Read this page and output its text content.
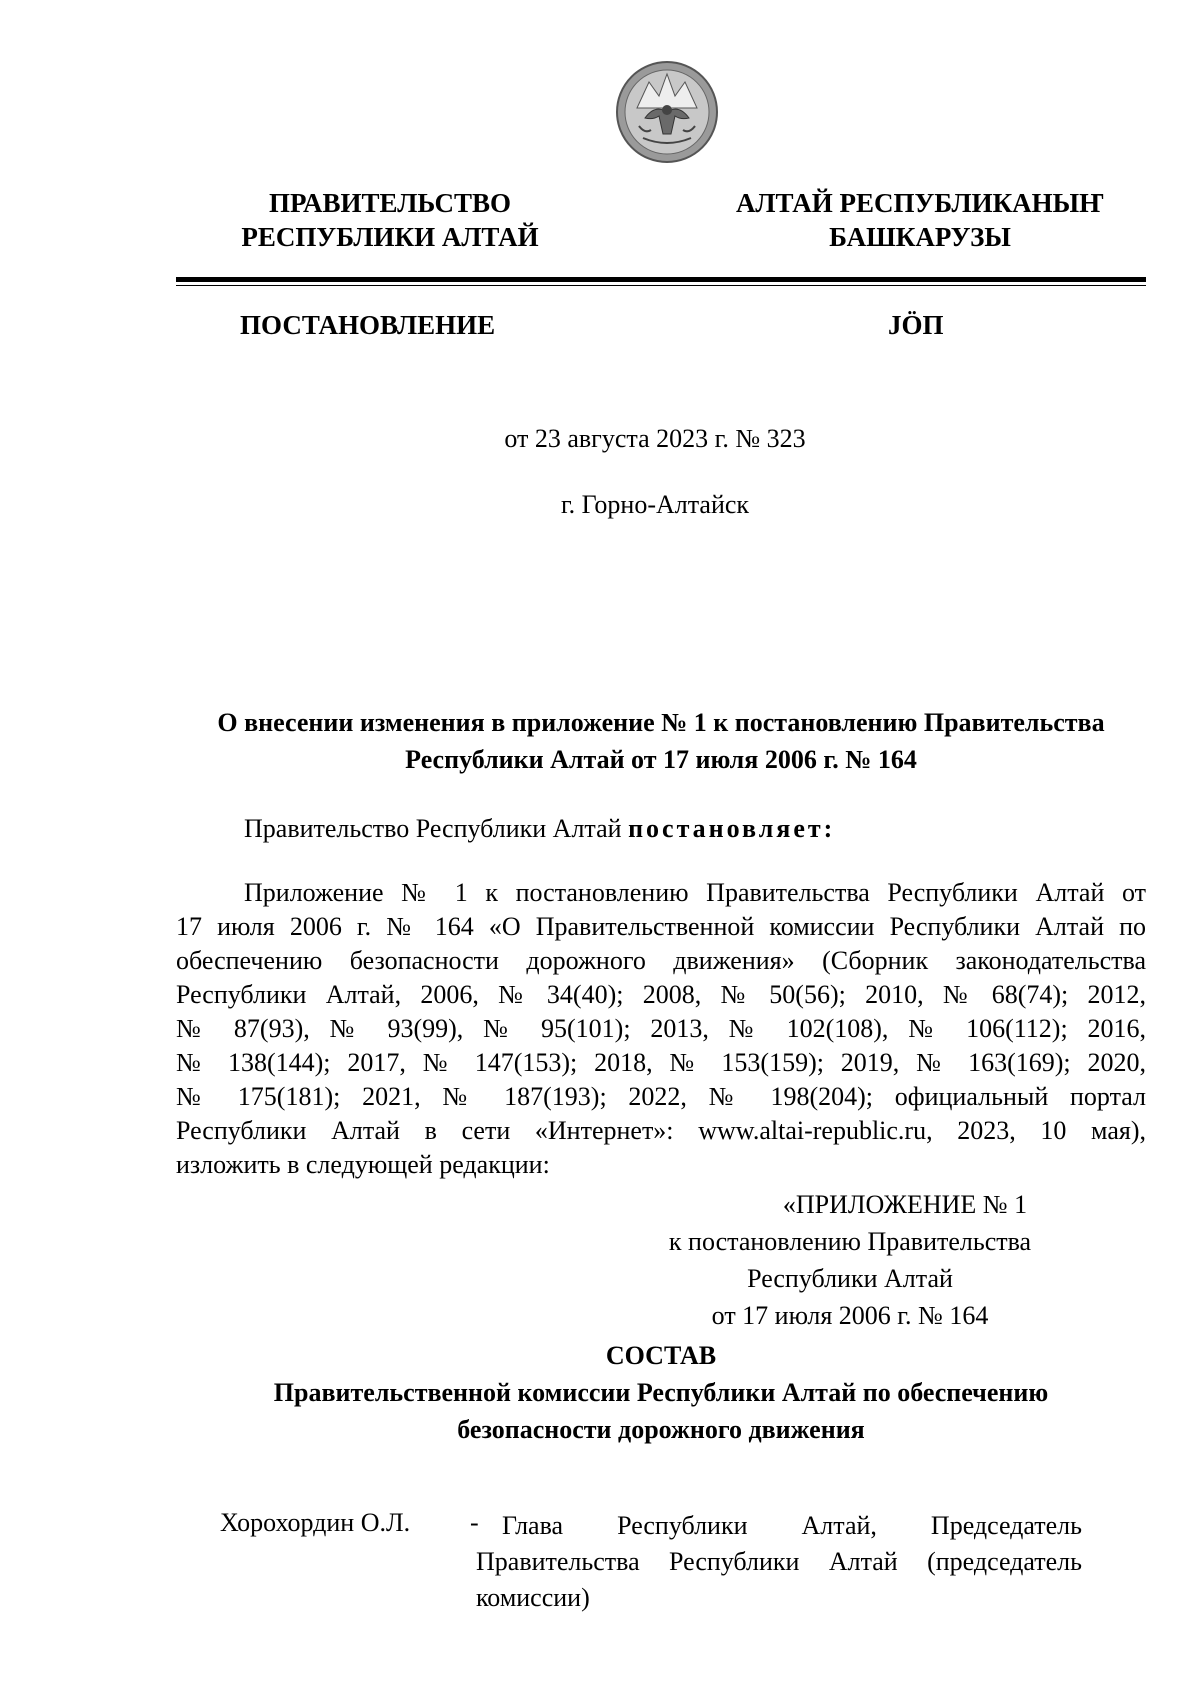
ПРАВИТЕЛЬСТВО
РЕСПУБЛИКИ АЛТАЙ
АЛТАЙ РЕСПУБЛИКАНЫҤ
БАШКАРУЗЫ
ПОСТАНОВЛЕНИЕ	JÖП
от 23 августа 2023 г. № 323
г. Горно-Алтайск
О внесении изменения в приложение № 1 к постановлению Правительства
Республики Алтай от 17 июля 2006 г. № 164
Правительство Республики Алтай постановляет:
Приложение № 1 к постановлению Правительства Республики Алтай от
17 июля 2006 г. № 164 «О Правительственной комиссии Республики Алтай по
обеспечению безопасности дорожного движения» (Сборник законодательства
Республики Алтай, 2006, № 34(40); 2008, № 50(56); 2010, № 68(74); 2012,
№ 87(93), № 93(99), № 95(101); 2013, № 102(108), № 106(112); 2016,
№ 138(144); 2017, № 147(153); 2018, № 153(159); 2019, № 163(169); 2020,
№ 175(181); 2021, № 187(193); 2022, № 198(204); официальный портал
Республики Алтай в сети «Интернет»: www.altai-republic.ru, 2023, 10 мая),
изложить в следующей редакции:
«ПРИЛОЖЕНИЕ № 1
к постановлению Правительства
Республики Алтай
от 17 июля 2006 г. № 164
СОСТАВ
Правительственной комиссии Республики Алтай по обеспечению
безопасности дорожного движения
Хорохордин О.Л. - Глава Республики Алтай, Председатель
Правительства Республики Алтай (председатель
комиссии)
